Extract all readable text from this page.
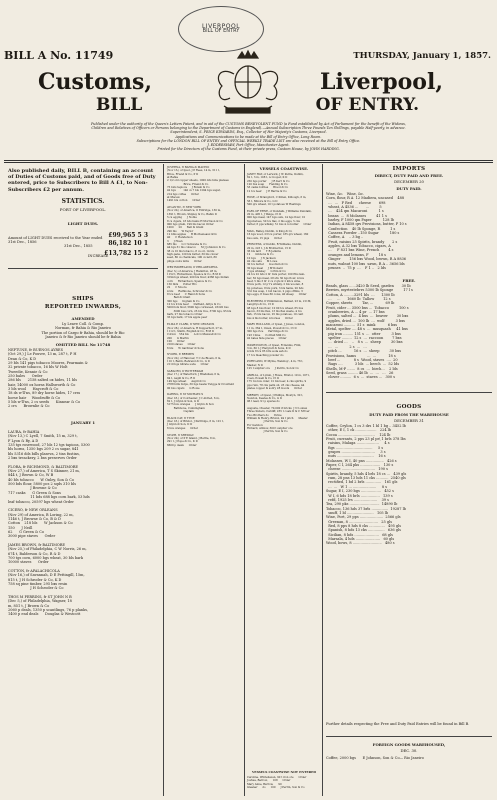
LIVERPOOL
BILL OF ENTRY
BILL A No. 11749	THURSDAY, January 1, 1857.
Customs,
BILL
Liverpool,
OF ENTRY.
Published under the authority of the Queen's Letters Patent, and in aid of the CUSTOMS BENEVOLENT FUND (a Fund established by Act of Parliament for the benefit of the Widows,
Children and Relatives of Officers or Persons belonging to the Department of Customs in England).—Annual Subscription Three Pounds Ten Shillings, payable Half-yearly, in advance.
Superintendent, S. PRICE EDWARDS, Esq., Collector of Her Majesty's Customs, Liverpool.
Applications and Communications to be made at the Bill of Entry Office, Long Room.
Subscriptions for the LONDON BILL OF ENTRY and OFFICIAL WEEKLY TRADE LIST are also received at the Bill of Entry Office.
J. EDDERSHAW, Port Office, Manchester Agent.
Printed for the Directors of the Customs Fund, at their private press, Custom House, by JOHN HARDING.
Also published daily, BILL B, containing an account of Duties of Customs paid, and of Goods free of Duty entered, price to Subscribers to Bill A £1, to Non-Subscribers £2 per annum.
STATISTICS.
PORT OF LIVERPOOL.
LIGHT DUES.
Amount of LIGHT DUES received to the Year ended 31st Dec., 1856
£99,965 5 3
31st Dec., 1855	86,182 10 1
INCREASE
£13,782 15 2
SHIPS
REPORTED INWARDS,
AMENDED
Ly Leave Coll. & Comp.
Norman, fr Bahia & Rio Janeiro
The portion of Cargo fr Bahia, should be fr Rio
Janeiro & fr Rio Janeiro should be fr Bahia
OMITTED BILL No 11748
NEPTUNE, fr BUENOS AYRES
(Oct 29,) J Le Fouvre, 13 m, 287 t, P H
Dean & Co, K D
29 bls 141 pigs tobacco Moores, Pearmain &
32 private tobacco, 16 bls W Holt
Tweedie, Kennie & Co
250 bales      Order
286 bls      2158 salted ox hides, 11 bls
hair, 14000 ox horns Hallsworth & Co
3 bls wool      Haycroft & Co
18 ds w'll'ns, 89 dry horse hides, 17 crss
horse hair     Woodruffe & Co
5 bls w'll'ns, 2 cs seeds      Kinnear & Co
2 crs      Brownlie & Co
JANUARY 1
LAURA, fr BAHIA
(Nov 13,) C Lyell, 7 Smith, 15 m, 329 t,
F Lyon & Ry, A D
135 tgs rosewood, 27 bls 12 tgs tapioca, 5300
bls horns, 1350 bgs 209 2 cs sugar, 841
bls 5316 dds bills plaseva, 2 tins fustins,
2 bxs treackery, 2 bxs preserves Order

FLORA, fr RICHMOND, & BALTIMORE
(Nov 27,) of America, T S Skinner, 21 m,
844 t, J Brown & Co, W B
40 bls tobacco      W Onley, Son & Co
500 bds flour, 5800 pcs 2 sqds 310 bls
J Browne & Co
717 casks      G Green & Sons
11 bds 688 bgs corn bark, 53 hds
leaf tobacco, 20597 bgs wheat Order

CICERO, fr NEW ORLEANS
(Nov 29) of America, B Loring, 22 m,
1146 t, J Browne & Co, B & D
Cotton    218 bls      W Jackson & Co
150      J Neill
62      G Green & Co
3000 pipe staves      Order

JAMES BROWN, fr BALTIMORE
(Nov 25,) of Philadelphia, C W Norris, 26 m,
674 t, Balderson & Co, R & D
700 tgs corn, 6000 bgs wheat, 30 bls bark
10000 staves      Order

COTTON, fr APALACHICOLA
(Nov 16,) of Savannah, D E Pettingill, 15m,
815 t, J H Schroder & Co, K D
758 sq pine timber, 295 bxs resin
J H Schroder & Co

THOS M PERRINS, fr ST JOHN N B
(Dec 5,) of Philadelphia, Wagner, 18
m, 851 t, J Brown & Co
2060 p deals, 1350 p scantlings, 76 p planks,
1400 p end deals      Douglas & Westcott
JUVERNA, fr BAHIA & MACEIO
(Nov 13,) of Ipsol, J P Rees, 14 m, 311 t,
Brice, Friend & Co, P D
at Bahia
2 1/2 old copper sheets, 1000 dds hide planses
Brice, Friend & Co
75 bxls tapioca      J Rolain & Co
42 bgs         140 cs 7 bls 1294 bgs sugar,
214 bgs coffee      Order
at Maceio
1491 bls cotton      Order

ATLANTIC, fr NEW YORK
(Nov 20,) of America, O Eldridge, 130 m,
1391 t, Brown, Shipley & Co, Bahm D
5 cs egging      J Noble
8 cs cigars, 18 bds hams H Morrison & Co
900 bgs grain, 199 bls bacon Order
1000      20      Bell & Grant
290 bls      W Taylor
12 bbls apples      B Moliveneaux &Co
40      C Henderson
3      J Hoan
685 bls      G C Schwabe & Co
44 bgs 31 bls cobacco      M J Johnston & Co
38 cs 10 bls tobacco, 8 cs oil, 14 bls
high-pans, 120 bls butter, 30 bls clover
seed, 80 cs chemicals, 190 cs lard, 80
phiga costs mibs      Order

WESTMORELAND, fr PHILADELPHIA
(Dec 3,) of America, J Hamilton, 28 m,
1152 t, Richardson, Spence & Co, B M D
3194 bgs wheat, 200 bls flour, 4366 bgs Indian
corn      Richardson, Spence & Co
150 bbls      Potter Bro
22      C Moore
4 bls      Rathbone, Schroder & Co
8 tcs beef      C Hand & Sons
Bell & Grant
300 bgs      Ingram & Co
10 tcs 9 bls beef      Duffield, Alltys & Co
5000 bds flour, 5600 bgs cornweed, 23220 bus
3000 bus corn, 25 bls rice, 3700 bgs, 95 bls
bark, 27 bls tobacco Order
35 bgs bark, 17 bls apple pear

ELIZA E CLARK, fr NEW ORLEANS
(Nov 28,) of America, H Kupperholt, 27 m,
1112 t, Smith, English & Co, R M D
Cotton    554 bls      A & G Maxwell & Co
200      G Martin
100      Order
2100 staves      Order
6 bls      W Gardiner & Sons

NYORD, fr BREMEN
(Nov 20,) of Hanover, T C de Bloem, 6 m,
110 t, Balck, Behrend & Co, G D
2110 bgs nitrate soda      Order

SARACEN, fr ROTTERDAM
(Dec 17,) of Waterford, J Bradshaw, 6 m,
84 t, Asgill & Co, R D
149 bgs wheat      Asgill & Co
2788 bills bxtps, 30 bgs beans Twigge & Crowfield
90 bxs cigars      G Rowe

DARING, fr ST MICHAEL'S
(Dec 18,) of Colchester, J C Aldred, 6 m,
62 t, J Glynn & Son, G D
5175 bxs oranges      J Glynn & Son
Rathbone, Cunningham
Captain

BLACK CAT, fr TYNE
(Dec 18,) of Bristol, J Partridge, 6 m, 101 t,
J Glynn & Son, D D
6 bxs oranges      Order

SYLPH, fr SHEDIAC
(Nov 29,) of P E Island, J Bertle, 8 m,
291 t, J Pope & Co, K D
6600 p deals      Order
IMPORTS
DIRECT, DUTY PAID AND FREE.
DECEMBER 20
DUTY PAID.
Wine, &c.   Wine, &c.
Corn, flour, R A  12 Madiera, uncased    488
...   ...   F Red      cheese       698
wheat, A 4536 ...       ...         5
...    424 qm Macaroni          1 s
beans  ...  8 Molasses         41 1 s
barley, F 1000 qm Paper          128 lb
Indian, A 8458 qrs Provisions, butter, F 10 s
Confection    40 lb Sponge, R         1 s
Cassera Powder ..150 Sugar          180 s
Coffee, A    .. 3 bg ..
Fruit, raisins 25 Spirits, brandy       2 s
apples, A 32 bxs Tobacco, cigars, A
...     F 831 bxs Wine, French        4 s
oranges and lemons, F         18 s
Ginger        156 bxs Wood, brown, R A 8836
nuts, walnut 100 bxs  sawn, R A .. 3656 lds
prunes  ..  75 p  ...    F 1 ..   2 lds
FREE.
Beads, glass ......3420 lb Seed, garden       30 lb
Berries, myrtestebrrs 5300 lb Sponge         17 l s
Cotton, A .........3291 bls  ...      1300 lb
...     ...      1660 lb  Tallow        12 s
Copper, sheets         Tar, ...           69 lb
Fruit, cider ... 3500 bxs ...  Tobacco         100 s
cranberries, A ... 4 pr  ... 17 bxs
plums, salted ...  4 bxs  ...  beaver        30 bxs
apples, dried ...  100 lb  ...  wolf          3 bxs
macaroni ..........  51 s  mink           6 bxs
Metal, spelter .... 48 s  ...  musquash     41 bxs
pig iron ......... 151 s  ...  otter          3 bxs
spelter .........  12 s  ...  raccoon        7 bxs
...  dried ...    ..   8 s  ...  sheep         30 bxs
...   ...          2 s  ...   ...
pitch ...           16 s  ...  sheep         30 bxs
Provisions, hams          ...  ...           18 s
beef ...            8 s  Wood, staves  ....  20
Rags ....           3 bls  ... beech  ...  52 lds
Shells, M-P .......  8 cs  ...  birch...    2 lds
Seed, grass ......... 46 lb  ...  ...   ...   26
clover ..........  6 s  ...  staves ...   300 s
GOODS
DUTY PAID FROM THE WAREHOUSE
DECEMBER 31
Coffee, Ceylon, 1 cs 3 drs 1 bl 1 bg .. 3452 lb
other, E I, 1 ck ...................   224 lb
Cocoa .................................    124 lb
Fruit, currants, 2 pps 23 pl pr\ 1 brls 378 lbs
raisins, Malaga ....................     4 s
figs .................................     5 s
grapes ..............................     3 s
nuts .................................    16 s
Molasses, W I, 40 pns ................   426 s
Paper, C l, 264 pks ..................   130 s
cheese ..............................   190 s
Spirits, brandy, 5 hds 4 brls 18 cs ...   439 gls
rum, 28 pns 13 hds 11 cks ...........  2540 gls
rectified, 1 bd 2 brls ..............   161 gls
...  ...   W 1 ... .....................     8 s
Sugar, E I, 230 bgs ..................   452 s
W I, 6 hds 18 brls .................   139 s
refd, 1925 lvs .....................    39 s
Tea, 290 pks ...........................  14890 lb
Tobacco, 136 hds 37 brls ...............  19287 lb
snuff, 1 bl ........................   105 lb
Wine, Port, 29 pps .....................  2566 gls
Greenan, 8 ..........................   25 gls
Red, 8 pps 8 hds 8 cks ..............   495 gls
Spanish, 8 hds 13 cks ...............   636 gls
Sicilian, 8 hds ......................   68 gls
Marsala, 4 hds ......................   60 gls
Wood, bows, 8 ..........................   480 s
Further details respecting the Free and Duty Paid Entries will be found in Bill B.
FOREIGN GOODS WAREHOUSED,
DEC. 30.
Coffee, 2000 bgs      E Johnson, Son & Co— Rio Janeiro
VESSELS COASTWISE.
JANET HAY, of Lerwick, J W Petrie, Dublin,
62 t, 3 m, 108 t, A Cooper, K D
250 bgs porter      J R Kerr & Co
120 bxs soap      Fielding & Co
53 casks bottles      Blood & Co
12 tcs beef      J E Barrie & Co

ROSE, of Strangford, C Killen, Killough, 6 m,
56 t, Minore & Co, G D
500 qrs wheat, 10 t potatoes W Hastings

EARL OF ERNE, of Dundalk, J Williams Dundalk,
20 m, 405 t, J Weige, Ct D
900 bgs meal, 147 bgs oats, 14 bgs flour, 10
hypotatoes, 50 tcs flax, 2 bls eggs, 5 cks
butter, 6 pps whisky, 51 bxs 4 cs butter      Order

MAIL, Balley, Dublin, G King & Co
16 bgs wool, 23 tcs porter, 185 qrs wheat, 160
bus oats, 15 pigs      Order

PRINCESS, of Dublin, B Williams, Dublin,
20 m, 223 t, J & Brotherton, Ct D
36 bls lard      T B Jenkins
12      Gibbons & Co
10 bgs      J N Jackson
42 cks oats      M Lowe
30 tcs butter      Goodwin & Co
30 bgs meal      J M'Donald
7 pps whiskey      G Pim & Co
24 tcs 22 bds 2 bl' bxls porter, 100 fths lam-
ber, 50 bgs meal, 28 shv 30 bgs flour, 4 bxs
beef, 5 bls 3 bl' 2 cs 2 qts & 2 kitcs wine,
8 bxs pork, 12 p'r's whisky, 2 bls woolen, 8
bp potatoes, 8 bls pork, 3 bls hams, 20 hds
3 bl bxs soap, 1 bxl bacon, 2 pigs offlins, 3
bgs eggs, 8 bxes 60 cows, 40 sheep      Order

BLENHEIM, fr Plinlimmon, Belfast, 23 m, 2118t,
Langtrys & Co, Ct D
98 bgs 8 bxs flour, 10 90 tcs wheat, 65 bxs
bacon, 33 bls flax, 13 bls flax waste, 4 tcs
fish, 15 bls bacon, 25 bls potatoes, 10 cant
bxs 4 bls butter, 4 horses      Order

MARY HOLLAND, of Ipwel, J Jones, London,
11 m, 364 t, Owen, Powell & Co, Ct D
300 bgs rice      Partridge & Co
193 t lime      Cottrell Mill Co
42 bales hide pieces      Order

WASHINGTON, of Ipwel, R Dennis, Flint,
3 m, 60 t, J Hargrett & Sons, K D
4 hds 8 tcs 85 brls soda ash do
17 tcs bleaching powder do

PORTLAND, W Mylne, Welshop', 4 m, 76 t,
Master, N D
125 t sulphur ore      J Perrin, Son & Co

AMELIA, of Lymm, J Howe, Bristol, 19 m, 1071,
Coen, Powell & Co, Ct D
175 tcs bxs cider, 12 bls beer, 4 cks spirits, 9
pps rum, 78 cks palm oil, 23 cks cheese, 44
plates copper & sodry 28 Goods      Order

MERSEY, of Ipwel, J Phillips, Mostyn, 30 t,
Newton, Keates & Co, G D
96 t lead, 9 t p spares do

Augusta, Chester, 70,000 if bricks  J N Lomax
Three Sisters, Cardiff, 235 t coals D & C M'Iver
Two Brothers do      Irvine
William & Henry, Bristol, 94 t pitch      Master
J Perrin, Son & Co
For Garston
Richard, Arklow, 300 t sulphur ore
J Perrin, Son & Co
VESSELS COASTWISE NOT ENTERED
Caroline, Whitehaven, 90 t iron ore      Order
Joshua, Barrow,      108      Order
Mary Anne, Barrow,      90
Gleaner      do      100      J Perrin, Son & Co
